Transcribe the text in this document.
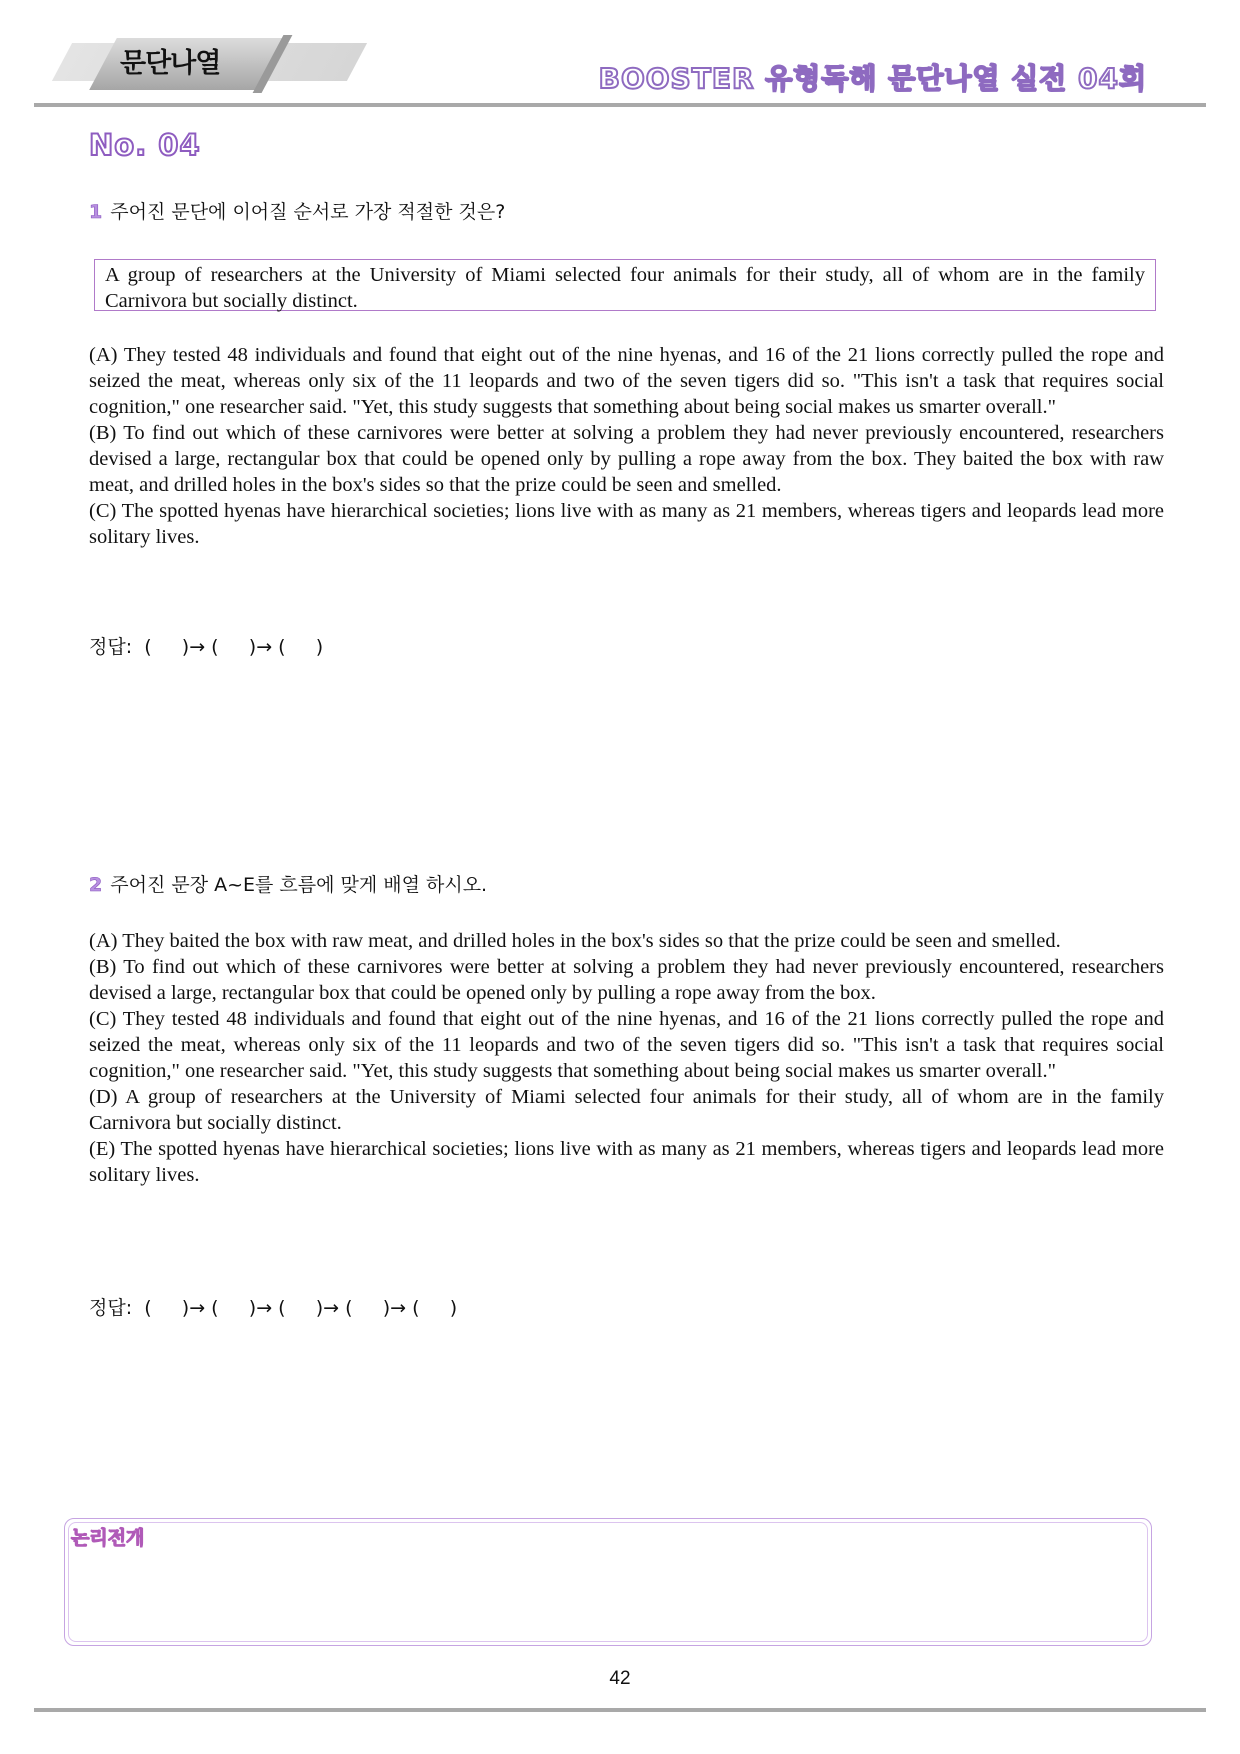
문단나열	BOOSTER 유형독해 문단나열 실전 04회
No. 04
1 주어진 문단에 이어질 순서로 가장 적절한 것은?

A group of researchers at the University of Miami selected four animals for their study, all of whom are in the family Carnivora but socially distinct.

(A) They tested 48 individuals and found that eight out of the nine hyenas, and 16 of the 21 lions correctly pulled the rope and seized the meat, whereas only six of the 11 leopards and two of the seven tigers did so. "This isn't a task that requires social cognition," one researcher said. "Yet, this study suggests that something about being social makes us smarter overall."

(B) To find out which of these carnivores were better at solving a problem they had never previously encountered, researchers devised a large, rectangular box that could be opened only by pulling a rope away from the box. They baited the box with raw meat, and drilled holes in the box's sides so that the prize could be seen and smelled.

(C) The spotted hyenas have hierarchical societies; lions live with as many as 21 members, whereas tigers and leopards lead more solitary lives.

정답:  (     )→ (     )→ (     )
2 주어진 문장 A~E를 흐름에 맞게 배열 하시오.

(A) They baited the box with raw meat, and drilled holes in the box's sides so that the prize could be seen and smelled.

(B) To find out which of these carnivores were better at solving a problem they had never previously encountered, researchers devised a large, rectangular box that could be opened only by pulling a rope away from the box.

(C) They tested 48 individuals and found that eight out of the nine hyenas, and 16 of the 21 lions correctly pulled the rope and seized the meat, whereas only six of the 11 leopards and two of the seven tigers did so. "This isn't a task that requires social cognition," one researcher said. "Yet, this study suggests that something about being social makes us smarter overall."

(D) A group of researchers at the University of Miami selected four animals for their study, all of whom are in the family Carnivora but socially distinct.

(E) The spotted hyenas have hierarchical societies; lions live with as many as 21 members, whereas tigers and leopards lead more solitary lives.

정답:  (     )→ (     )→ (     )→ (     )→ (     )
논리전개
42
